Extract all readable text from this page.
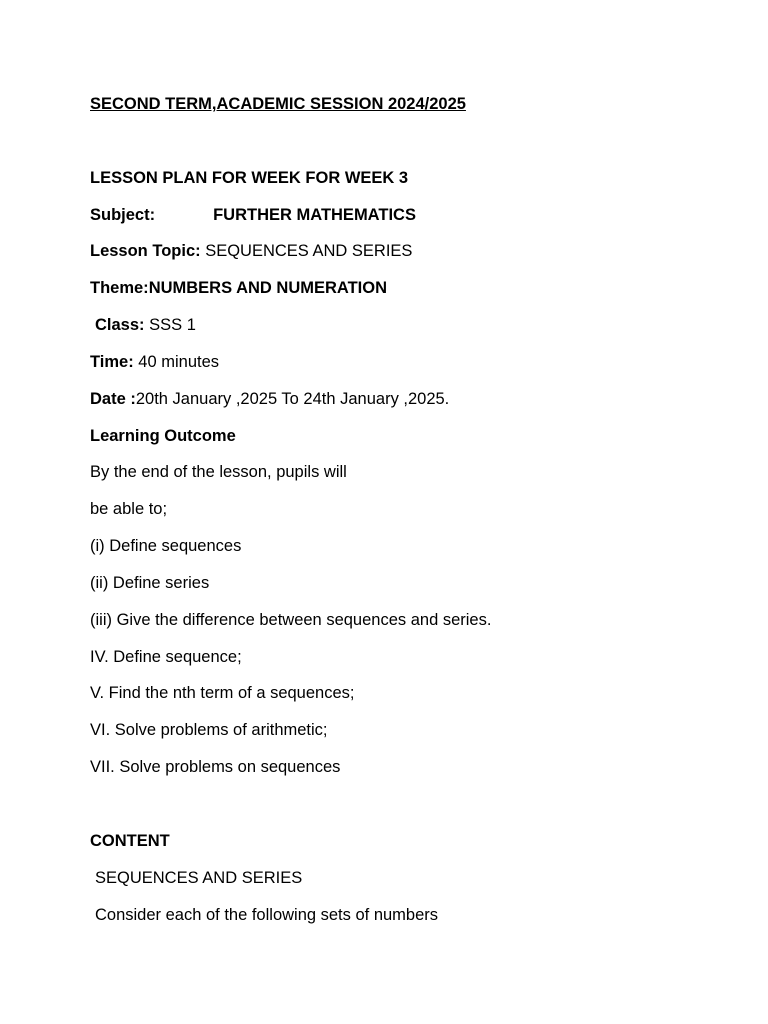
SECOND TERM,ACADEMIC SESSION 2024/2025
LESSON PLAN FOR WEEK FOR WEEK 3
Subject:	FURTHER MATHEMATICS
Lesson Topic: SEQUENCES AND SERIES
Theme:NUMBERS AND NUMERATION
Class: SSS 1
Time: 40 minutes
Date :20th January ,2025 To 24th January ,2025.
Learning Outcome
By the end of the lesson, pupils will
be able to;
(i) Define sequences
(ii) Define series
(iii) Give the difference between sequences and series.
IV. Define sequence;
V. Find the nth term of a sequences;
VI. Solve problems of arithmetic;
VII. Solve problems on sequences
CONTENT
SEQUENCES AND SERIES
Consider each of the following sets of numbers
